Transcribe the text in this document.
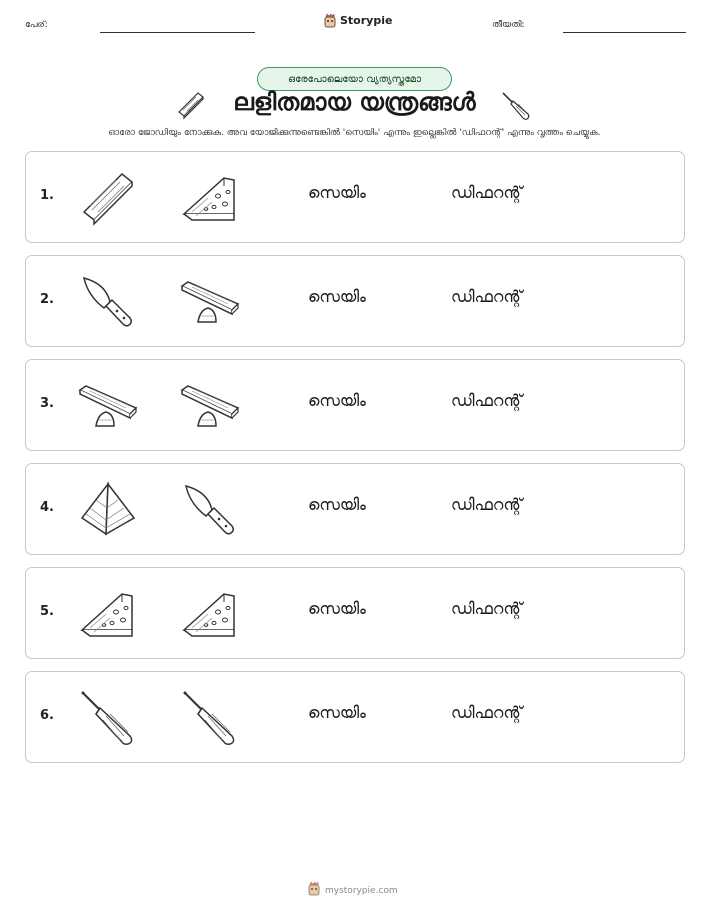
പേര്:	Storypie	തീയതി:
ഒരേപോലെയോ വ്യത്യസ്തമോ
ലളിതമായ യന്ത്രങ്ങൾ
ഓരോ ജോഡിയും നോക്കുക. അവ യോജിക്കുന്നുണ്ടെങ്കിൽ 'സെയിം' എന്നും ഇല്ലെങ്കിൽ 'ഡിഫറന്റ്' എന്നും വൃത്തം ചെയ്യുക.
1.	സെയിം	ഡിഫറന്റ്
2.	സെയിം	ഡിഫറന്റ്
3.	സെയിം	ഡിഫറന്റ്
4.	സെയിം	ഡിഫറന്റ്
5.	സെയിം	ഡിഫറന്റ്
6.	സെയിം	ഡിഫറന്റ്
mystorypie.com
